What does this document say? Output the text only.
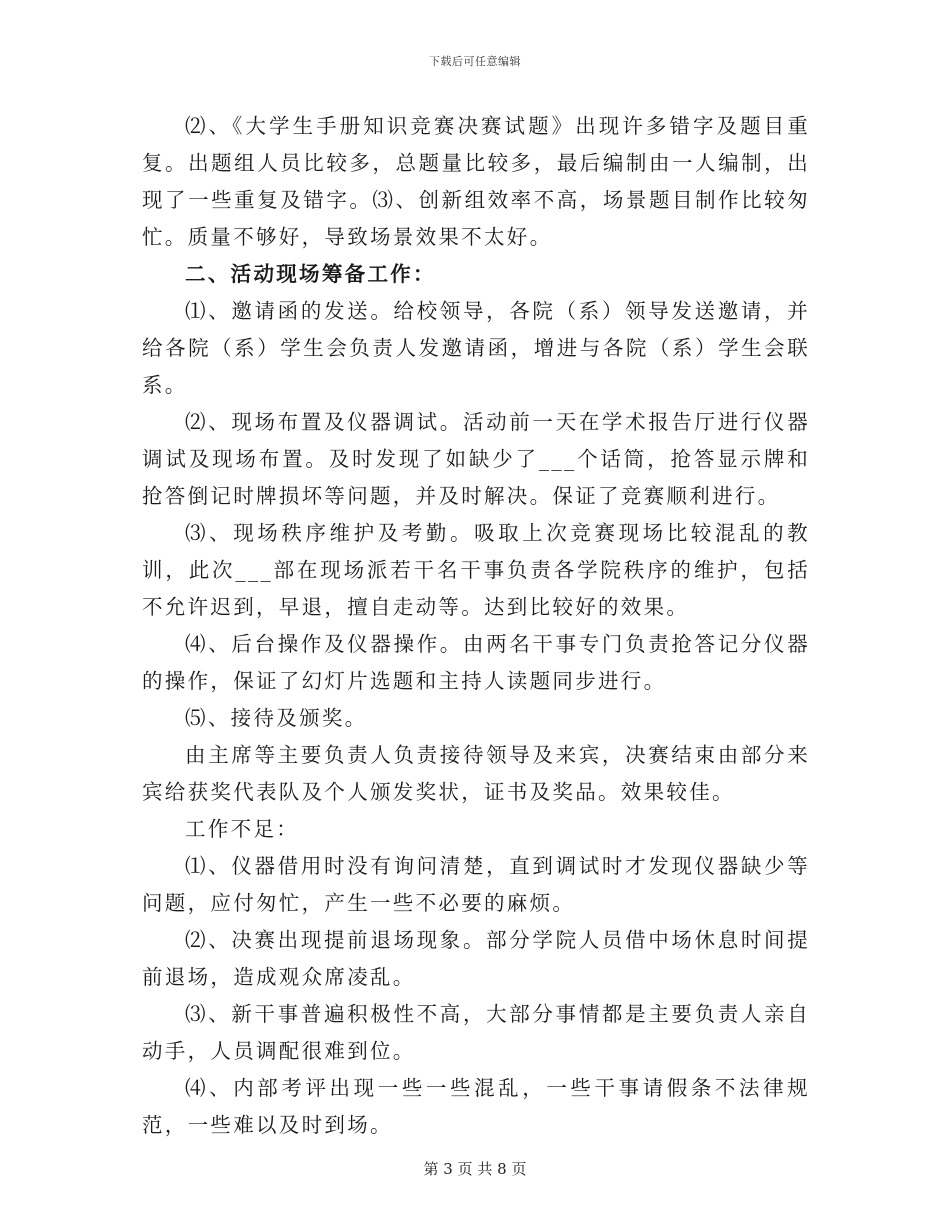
下载后可任意编辑

⑵、《大学生手册知识竞赛决赛试题》出现许多错字及题目重复。出题组人员比较多，总题量比较多，最后编制由一人编制，出现了一些重复及错字。⑶、创新组效率不高，场景题目制作比较匆忙。质量不够好，导致场景效果不太好。

二、活动现场筹备工作：

⑴、邀请函的发送。给校领导，各院（系）领导发送邀请，并给各院（系）学生会负责人发邀请函，增进与各院（系）学生会联系。

⑵、现场布置及仪器调试。活动前一天在学术报告厅进行仪器调试及现场布置。及时发现了如缺少了___个话筒，抢答显示牌和抢答倒记时牌损坏等问题，并及时解决。保证了竞赛顺利进行。

⑶、现场秩序维护及考勤。吸取上次竞赛现场比较混乱的教训，此次___部在现场派若干名干事负责各学院秩序的维护，包括不允许迟到，早退，擅自走动等。达到比较好的效果。

⑷、后台操作及仪器操作。由两名干事专门负责抢答记分仪器的操作，保证了幻灯片选题和主持人读题同步进行。

⑸、接待及颁奖。

由主席等主要负责人负责接待领导及来宾，决赛结束由部分来宾给获奖代表队及个人颁发奖状，证书及奖品。效果较佳。

工作不足：

⑴、仪器借用时没有询问清楚，直到调试时才发现仪器缺少等问题，应付匆忙，产生一些不必要的麻烦。

⑵、决赛出现提前退场现象。部分学院人员借中场休息时间提前退场，造成观众席凌乱。

⑶、新干事普遍积极性不高，大部分事情都是主要负责人亲自动手，人员调配很难到位。

⑷、内部考评出现一些一些混乱，一些干事请假条不法律规范，一些难以及时到场。

第 3 页 共 8 页
